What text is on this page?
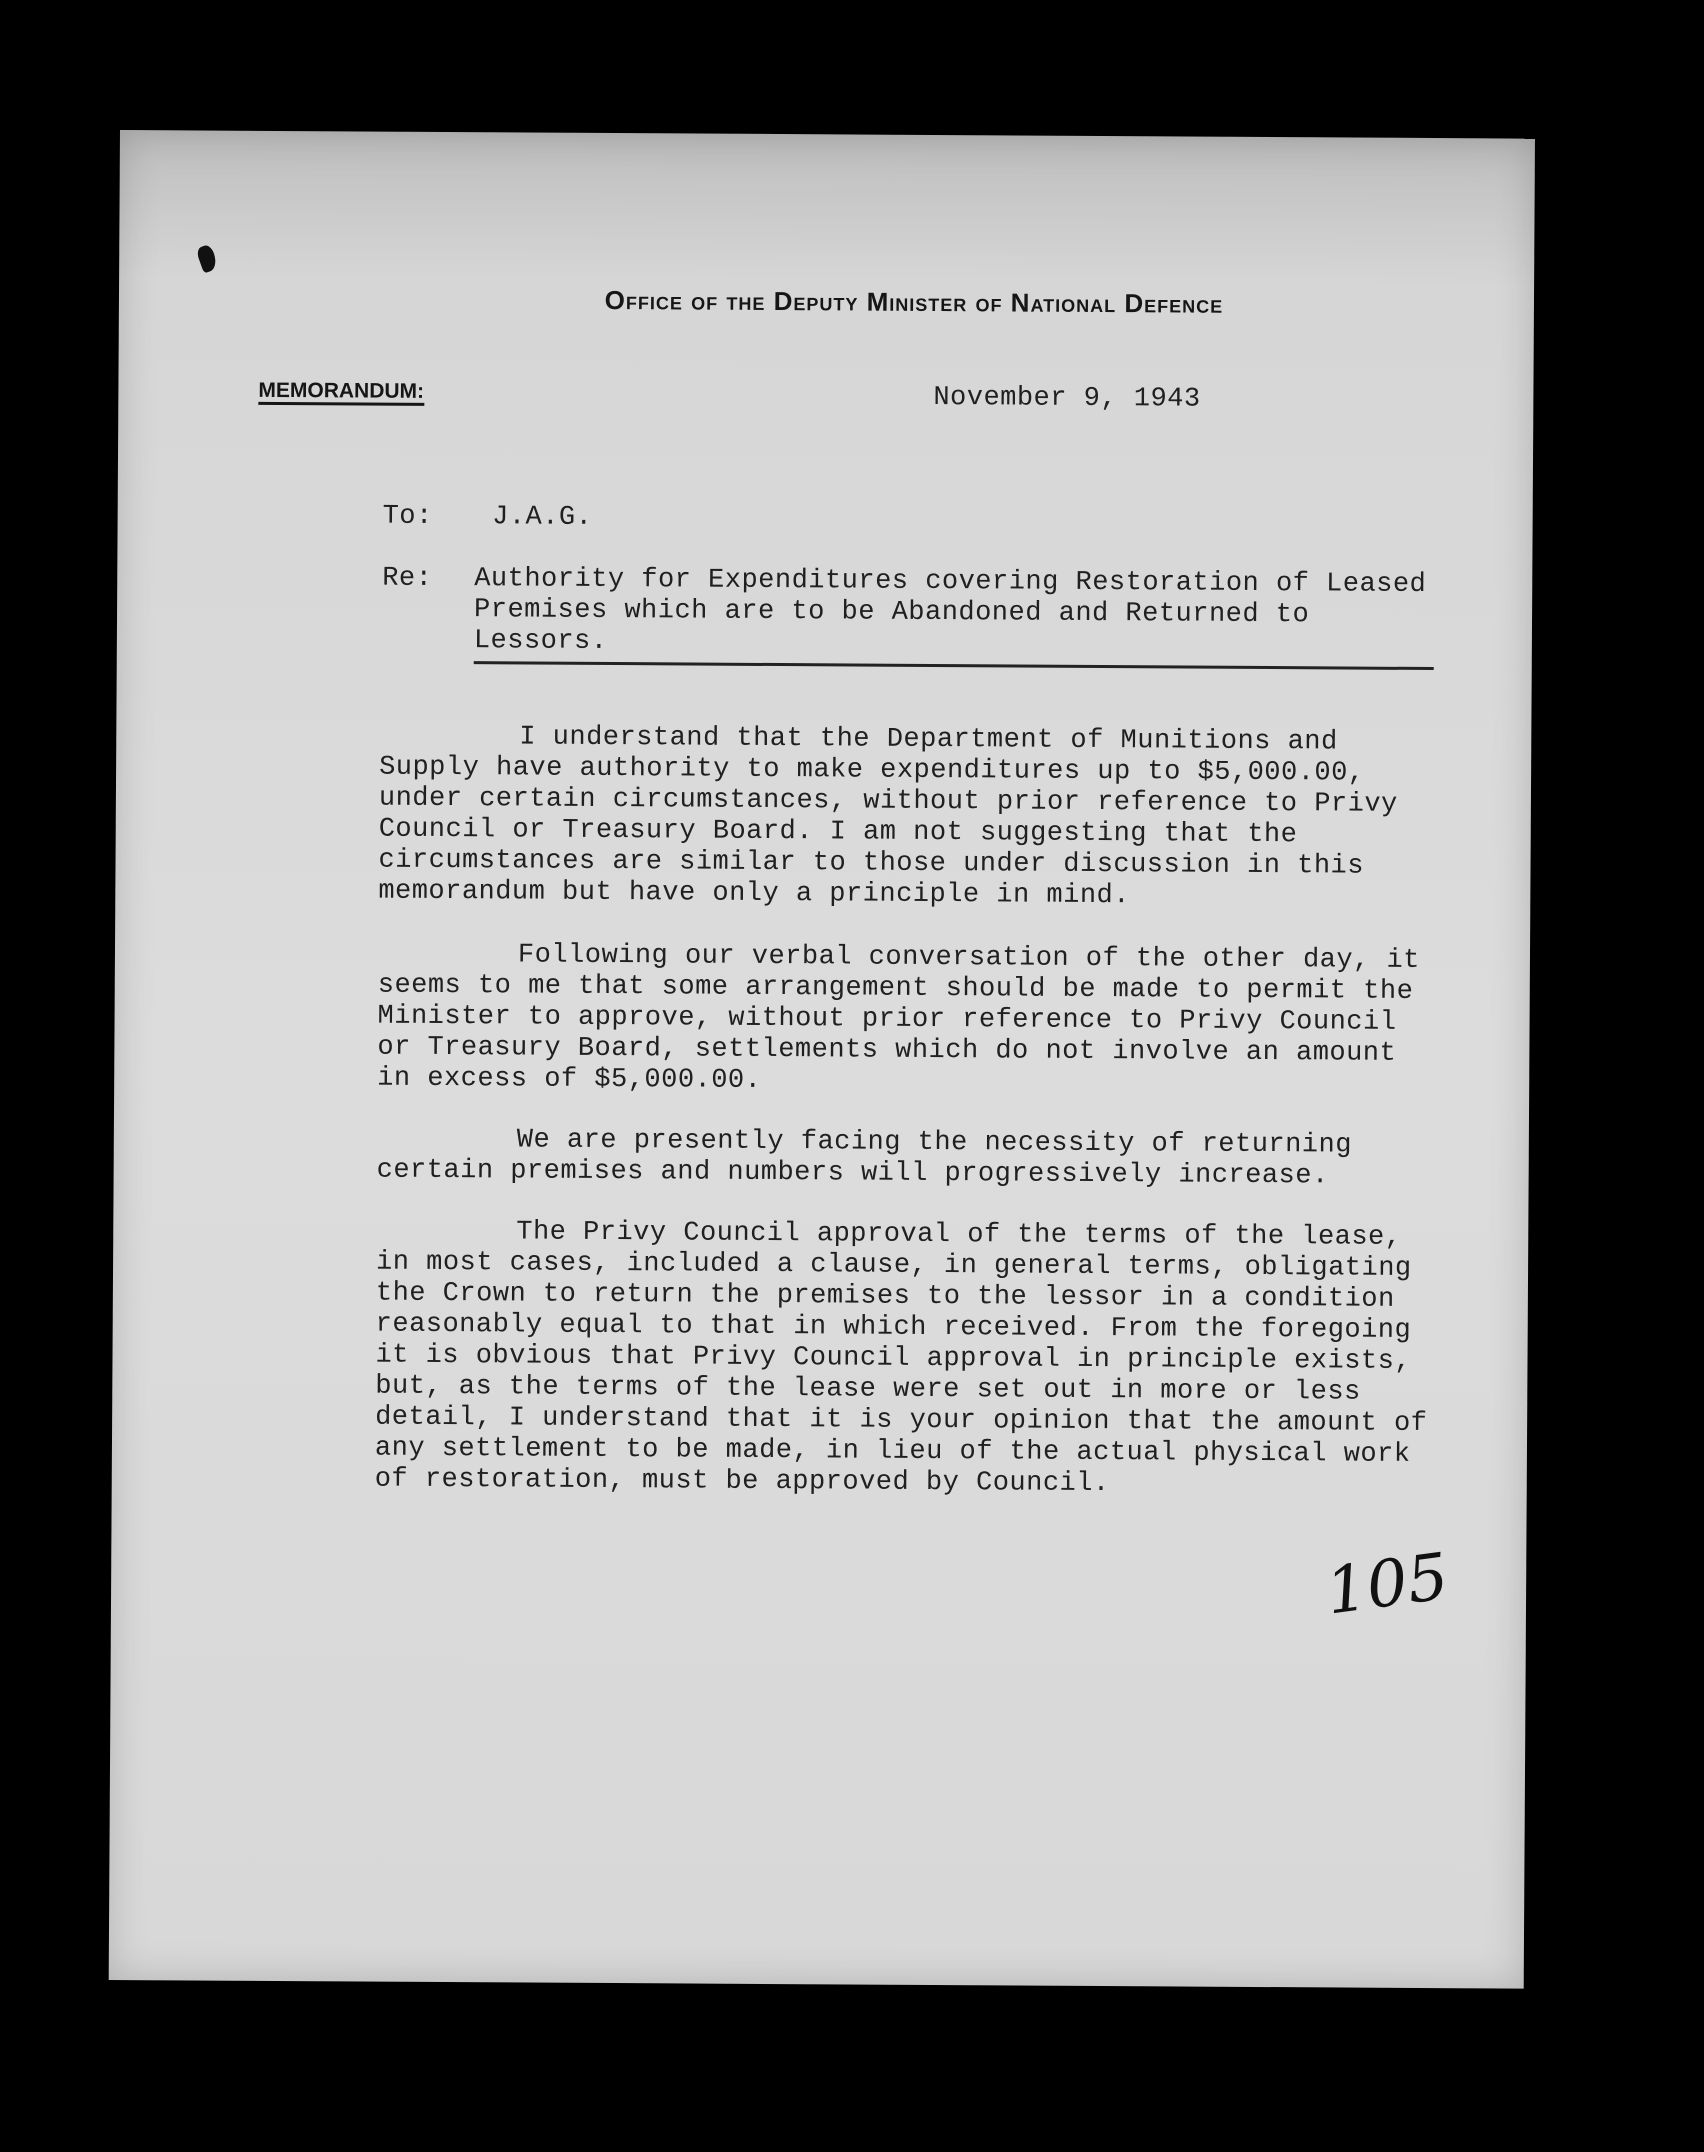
Office of the Deputy Minister of National Defence
MEMORANDUM:	November 9, 1943
To: J.A.G.
Re:	Authority for Expenditures covering Restoration of Leased Premises which are to be Abandoned and Returned to Lessors.
I understand that the Department of Munitions and Supply have authority to make expenditures up to $5,000.00, under certain circumstances, without prior reference to Privy Council or Treasury Board. I am not suggesting that the circumstances are similar to those under discussion in this memorandum but have only a principle in mind.
Following our verbal conversation of the other day, it seems to me that some arrangement should be made to permit the Minister to approve, without prior reference to Privy Council or Treasury Board, settlements which do not involve an amount in excess of $5,000.00.
We are presently facing the necessity of returning certain premises and numbers will progressively increase.
The Privy Council approval of the terms of the lease, in most cases, included a clause, in general terms, obligating the Crown to return the premises to the lessor in a condition reasonably equal to that in which received. From the foregoing it is obvious that Privy Council approval in principle exists, but, as the terms of the lease were set out in more or less detail, I understand that it is your opinion that the amount of any settlement to be made, in lieu of the actual physical work of restoration, must be approved by Council.
105
